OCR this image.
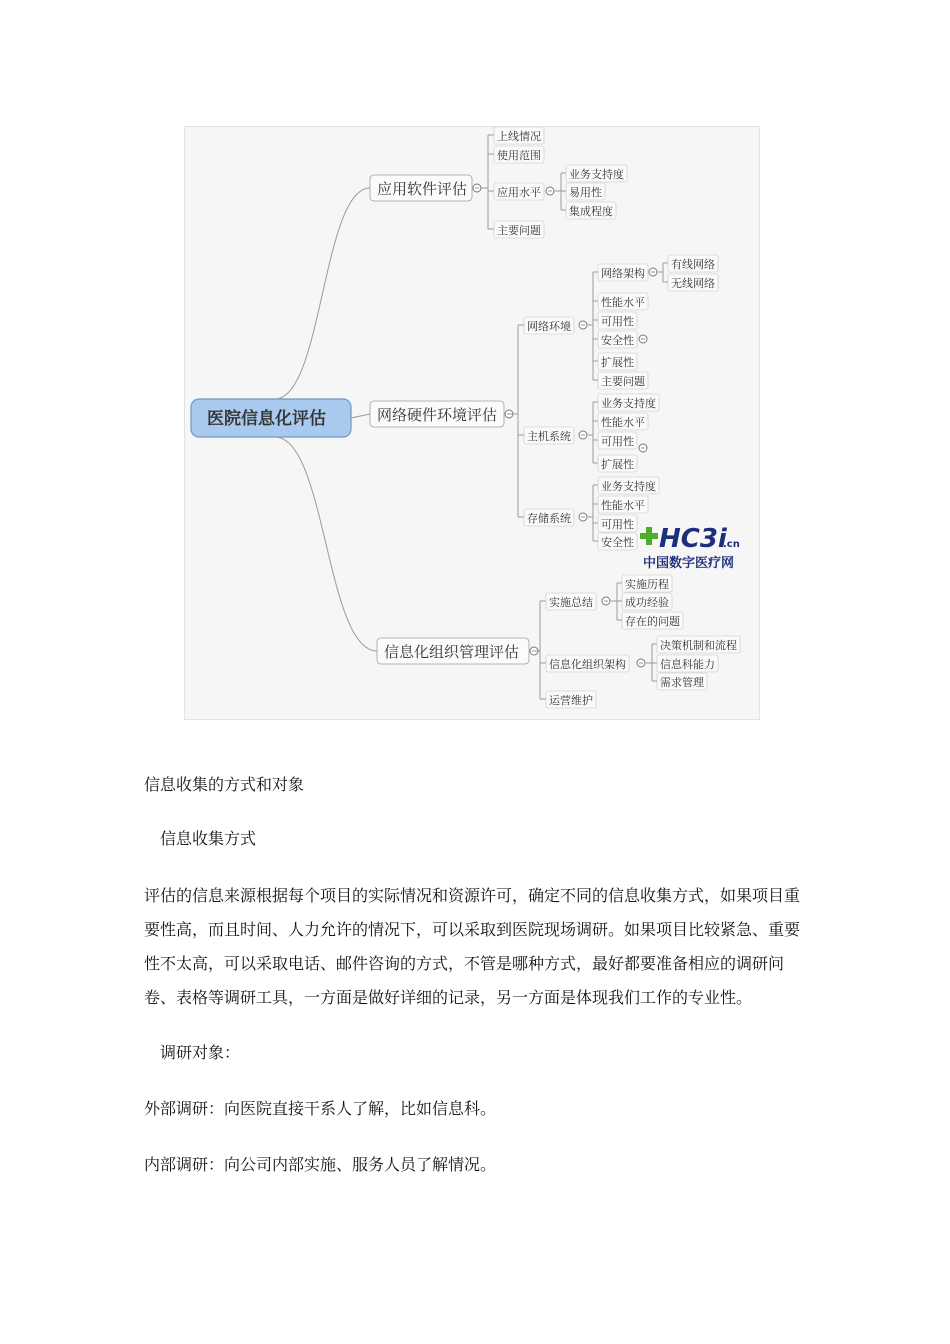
医院信息化评估
应用软件评估
网络硬件环境评估
信息化组织管理评估
上线情况
使用范围
应用水平
主要问题
业务支持度
易用性
集成程度
网络环境
主机系统
存储系统
网络架构
性能水平
可用性
安全性
扩展性
主要问题
有线网络
无线网络
业务支持度
性能水平
可用性
扩展性
业务支持度
性能水平
可用性
安全性
实施总结
信息化组织架构
运营维护
实施历程
成功经验
存在的问题
决策机制和流程
信息科能力
需求管理
HC3i
.cn
中国数字医疗网
信息收集的方式和对象
信息收集方式
评估的信息来源根据每个项目的实际情况和资源许可，确定不同的信息收集方式，如果项目重要性高，而且时间、人力允许的情况下，可以采取到医院现场调研。如果项目比较紧急、重要性不太高，可以采取电话、邮件咨询的方式，不管是哪种方式，最好都要准备相应的调研问卷、表格等调研工具，一方面是做好详细的记录，另一方面是体现我们工作的专业性。
调研对象：
外部调研：向医院直接干系人了解，比如信息科。
内部调研：向公司内部实施、服务人员了解情况。
